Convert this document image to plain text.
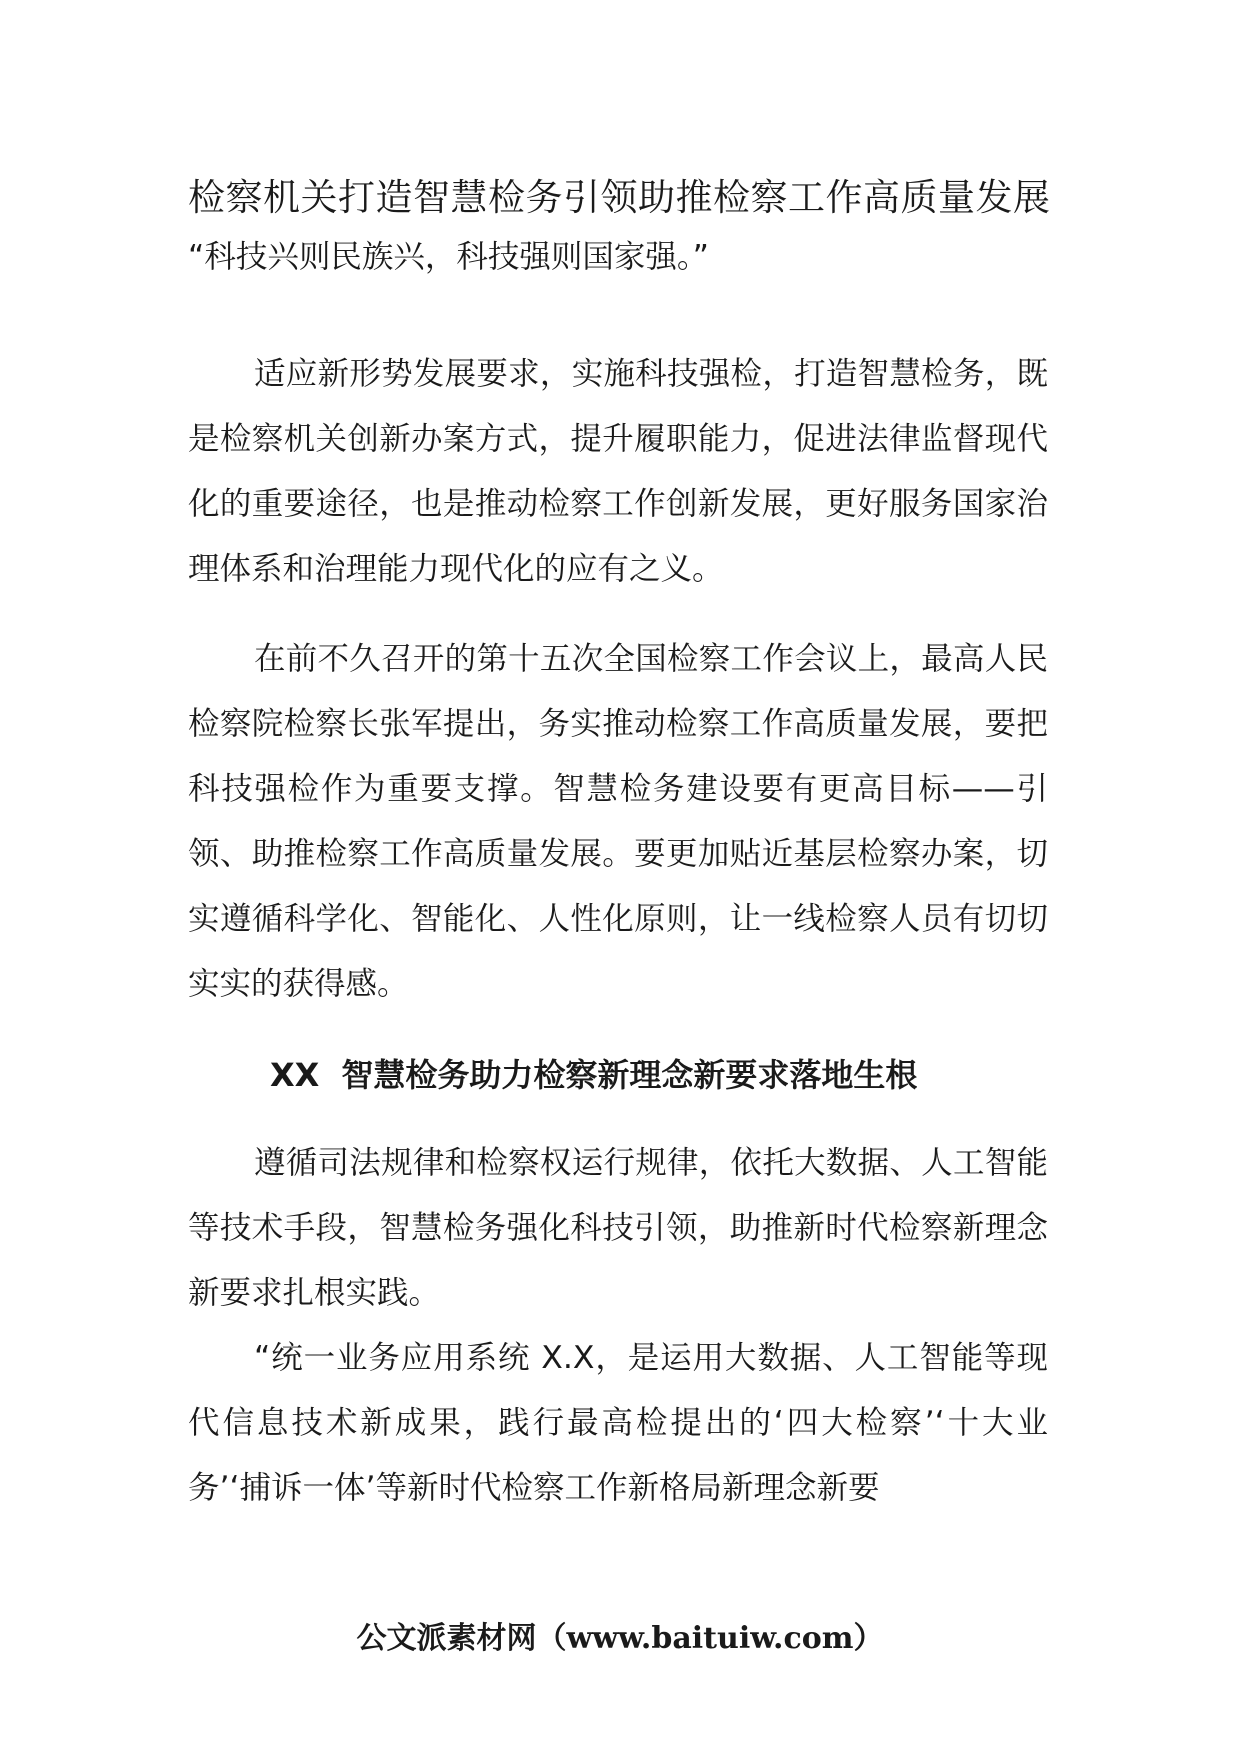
检察机关打造智慧检务引领助推检察工作高质量发展

“科技兴则民族兴，科技强则国家强。”

适应新形势发展要求，实施科技强检，打造智慧检务，既是检察机关创新办案方式，提升履职能力，促进法律监督现代化的重要途径，也是推动检察工作创新发展，更好服务国家治理体系和治理能力现代化的应有之义。

在前不久召开的第十五次全国检察工作会议上，最高人民检察院检察长张军提出，务实推动检察工作高质量发展，要把科技强检作为重要支撑。智慧检务建设要有更高目标——引领、助推检察工作高质量发展。要更加贴近基层检察办案，切实遵循科学化、智能化、人性化原则，让一线检察人员有切切实实的获得感。

XX 智慧检务助力检察新理念新要求落地生根

遵循司法规律和检察权运行规律，依托大数据、人工智能等技术手段，智慧检务强化科技引领，助推新时代检察新理念新要求扎根实践。

“统一业务应用系统 X.X，是运用大数据、人工智能等现代信息技术新成果，践行最高检提出的‘四大检察’‘十大业务’‘捕诉一体’等新时代检察工作新格局新理念新要

公文派素材网（www.baituiw.com）
